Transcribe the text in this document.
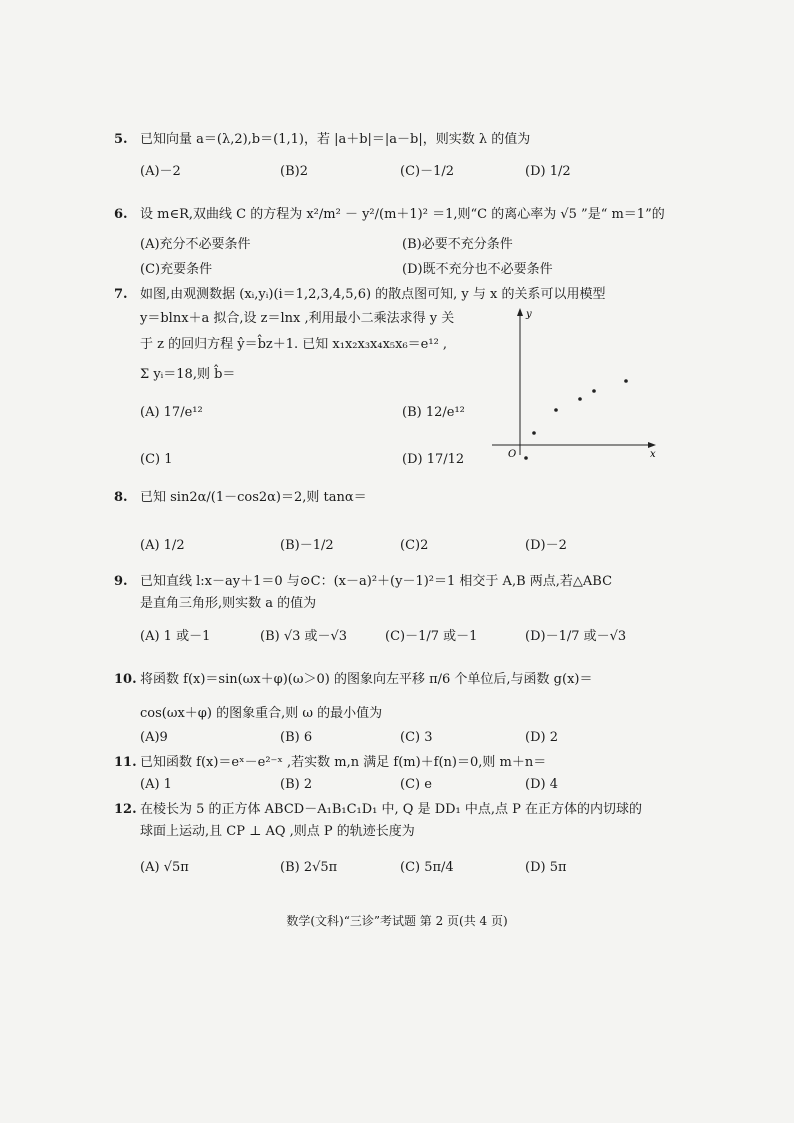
5. 已知向量 a＝(λ,2),b＝(1,1)，若 |a＋b|＝|a－b|，则实数 λ 的值为
(A)－2	(B)2	(C)－1/2	(D) 1/2
6. 设 m∈R,双曲线 C 的方程为 x²/m² － y²/(m＋1)² ＝1,则“C 的离心率为 √5 ”是“ m＝1”的
(A)充分不必要条件	(B)必要不充分条件
(C)充要条件	(D)既不充分也不必要条件
7. 如图,由观测数据 (xᵢ,yᵢ)(i＝1,2,3,4,5,6) 的散点图可知, y 与 x 的关系可以用模型
y＝blnx＋a 拟合,设 z＝lnx ,利用最小二乘法求得 y 关
于 z 的回归方程 ŷ＝b̂z＋1. 已知 x₁x₂x₃x₄x₅x₆＝e¹² ,
Σ yᵢ＝18,则 b̂＝
(A) 17/e¹²	(B) 12/e¹²
(C) 1	(D) 17/12
y
x
O
8. 已知 sin2α/(1－cos2α)＝2,则 tanα＝
(A) 1/2	(B)－1/2	(C)2	(D)－2
9. 已知直线 l:x－ay＋1＝0 与⊙C：(x－a)²＋(y－1)²＝1 相交于 A,B 两点,若△ABC
是直角三角形,则实数 a 的值为
(A) 1 或－1	(B) √3 或－√3	(C)－1/7 或－1	(D)－1/7 或－√3
10. 将函数 f(x)＝sin(ωx＋φ)(ω＞0) 的图象向左平移 π/6 个单位后,与函数 g(x)＝
cos(ωx＋φ) 的图象重合,则 ω 的最小值为
(A)9	(B) 6	(C) 3	(D) 2
11. 已知函数 f(x)＝eˣ－e²⁻ˣ ,若实数 m,n 满足 f(m)＋f(n)＝0,则 m＋n＝
(A) 1	(B) 2	(C) e	(D) 4
12. 在棱长为 5 的正方体 ABCD－A₁B₁C₁D₁ 中, Q 是 DD₁ 中点,点 P 在正方体的内切球的
球面上运动,且 CP ⊥ AQ ,则点 P 的轨迹长度为
(A) √5π	(B) 2√5π	(C) 5π/4	(D) 5π
数学(文科)“三诊”考试题 第 2 页(共 4 页)
